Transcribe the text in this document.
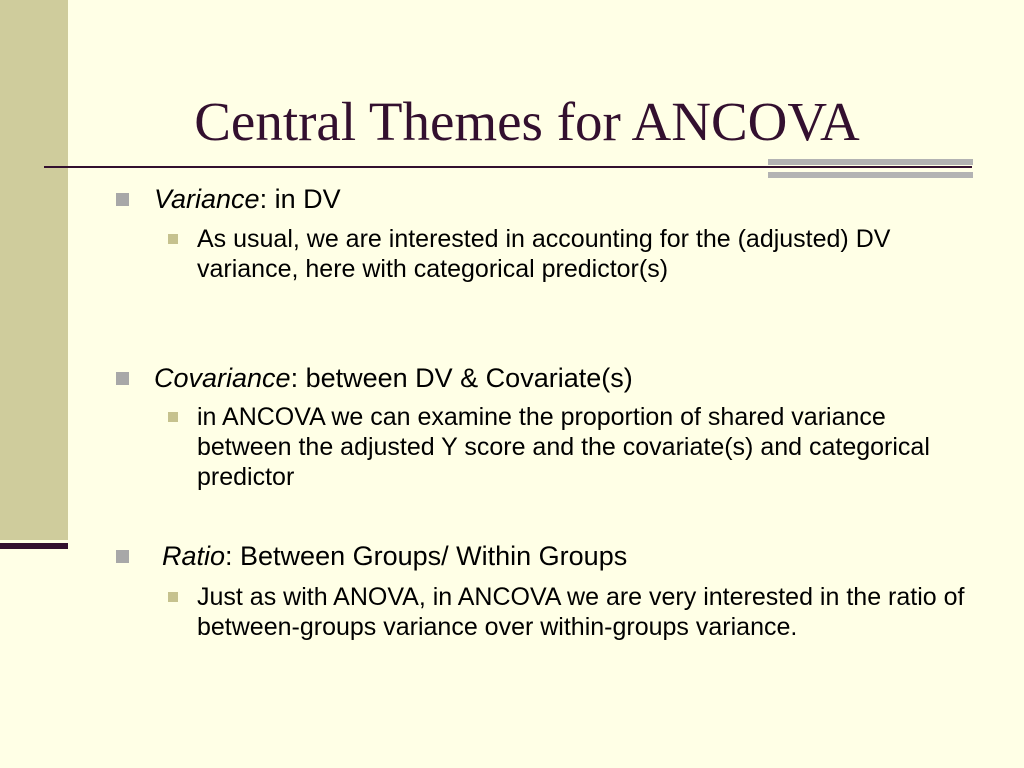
Central Themes for ANCOVA
Variance: in DV
As usual, we are interested in accounting for the (adjusted) DV variance, here with categorical predictor(s)
Covariance: between DV & Covariate(s)
in ANCOVA we can examine the proportion of shared variance between the adjusted Y score and the covariate(s) and categorical predictor
Ratio: Between Groups/ Within Groups
Just as with ANOVA, in ANCOVA we are very interested in the ratio of between-groups variance over within-groups variance.
